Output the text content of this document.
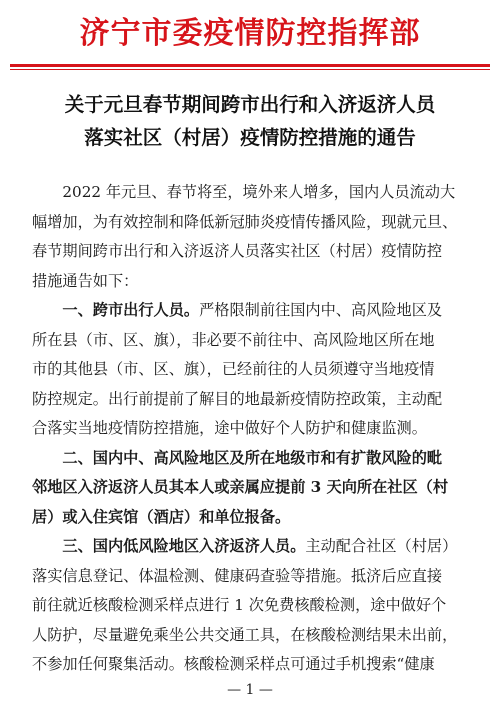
济宁市委疫情防控指挥部
关于元旦春节期间跨市出行和入济返济人员
落实社区（村居）疫情防控措施的通告
2022 年元旦、春节将至，境外来人增多，国内人员流动大
幅增加，为有效控制和降低新冠肺炎疫情传播风险，现就元旦、
春节期间跨市出行和入济返济人员落实社区（村居）疫情防控
措施通告如下：
一、跨市出行人员。严格限制前往国内中、高风险地区及
所在县（市、区、旗），非必要不前往中、高风险地区所在地
市的其他县（市、区、旗），已经前往的人员须遵守当地疫情
防控规定。出行前提前了解目的地最新疫情防控政策，主动配
合落实当地疫情防控措施，途中做好个人防护和健康监测。
二、国内中、高风险地区及所在地级市和有扩散风险的毗
邻地区入济返济人员其本人或亲属应提前 3 天向所在社区（村
居）或入住宾馆（酒店）和单位报备。
三、国内低风险地区入济返济人员。主动配合社区（村居）
落实信息登记、体温检测、健康码查验等措施。抵济后应直接
前往就近核酸检测采样点进行 1 次免费核酸检测，途中做好个
人防护，尽量避免乘坐公共交通工具，在核酸检测结果未出前，
不参加任何聚集活动。核酸检测采样点可通过手机搜索“健康
— 1 —
